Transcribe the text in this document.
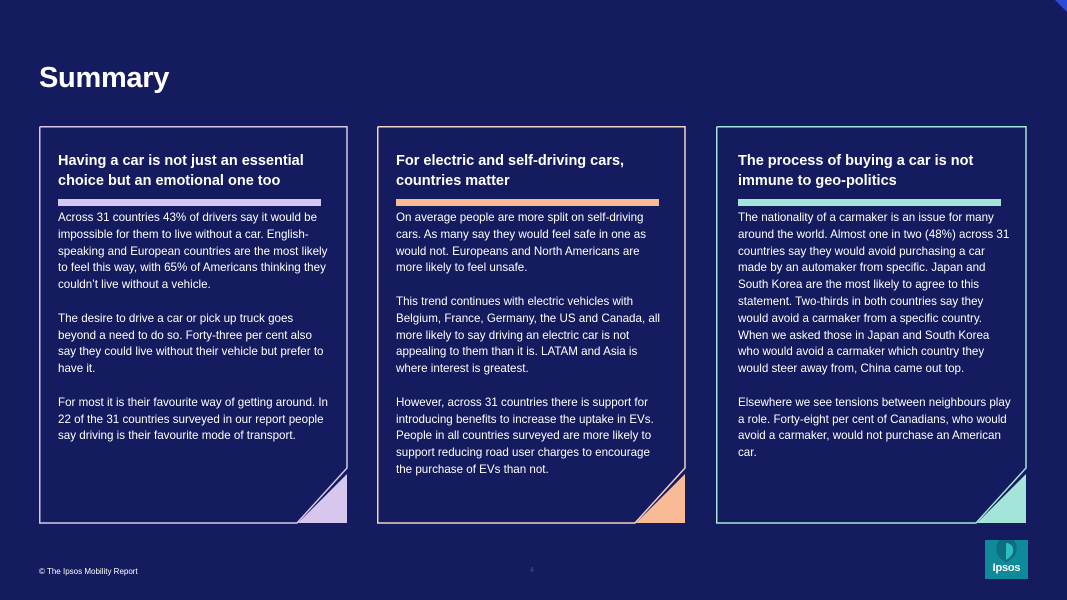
Summary
Having a car is not just an essential choice but an emotional one too

Across 31 countries 43% of drivers say it would be impossible for them to live without a car. English-speaking and European countries are the most likely to feel this way, with 65% of Americans thinking they couldn’t live without a vehicle.

The desire to drive a car or pick up truck goes beyond a need to do so. Forty-three per cent also say they could live without their vehicle but prefer to have it.

For most it is their favourite way of getting around. In 22 of the 31 countries surveyed in our report people say driving is their favourite mode of transport.

For electric and self-driving cars, countries matter

On average people are more split on self-driving cars. As many say they would feel safe in one as would not. Europeans and North Americans are more likely to feel unsafe.

This trend continues with electric vehicles with Belgium, France, Germany, the US and Canada, all more likely to say driving an electric car is not appealing to them than it is. LATAM and Asia is where interest is greatest.

However, across 31 countries there is support for introducing benefits to increase the uptake in EVs. People in all countries surveyed are more likely to support reducing road user charges to encourage the purchase of EVs than not.

The process of buying a car is not immune to geo-politics

The nationality of a carmaker is an issue for many around the world. Almost one in two (48%) across 31 countries say they would avoid purchasing a car made by an automaker from specific. Japan and South Korea are the most likely to agree to this statement. Two-thirds in both countries say they would avoid a carmaker from a specific country. When we asked those in Japan and South Korea who would avoid a carmaker which country they would steer away from, China came out top.

Elsewhere we see tensions between neighbours play a role. Forty-eight per cent of Canadians, who would avoid a carmaker, would not purchase an American car.

© The Ipsos Mobility Report	4	Ipsos
